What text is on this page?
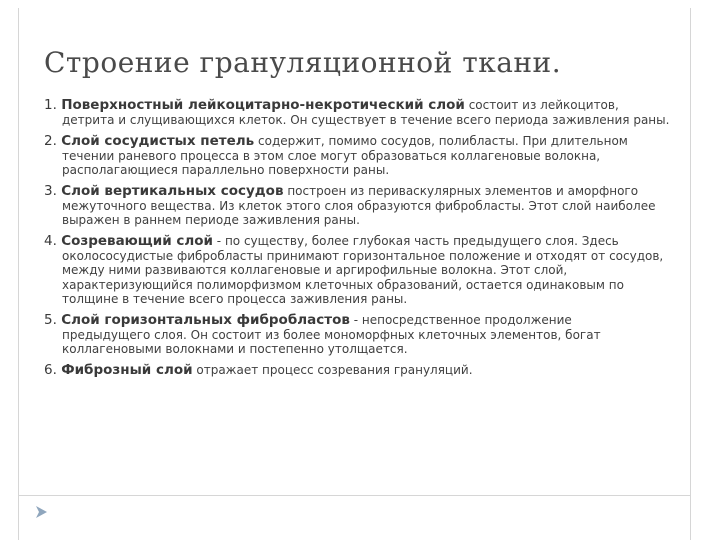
Строение грануляционной ткани.
1. Поверхностный лейкоцитарно-некротический слой состоит из лейкоцитов,
детрита и слущивающихся клеток. Он существует в течение всего периода заживления раны.
2. Слой сосудистых петель содержит, помимо сосудов, полибласты. При длительном
течении раневого процесса в этом слое могут образоваться коллагеновые волокна, располагающиеся параллельно поверхности раны.
3. Слой вертикальных сосудов построен из периваскулярных элементов и аморфного
межуточного вещества. Из клеток этого слоя образуются фибробласты. Этот слой наиболее выражен в раннем периоде заживления раны.
4. Созревающий слой - по существу, более глубокая часть предыдущего слоя. Здесь
околососудистые фибробласты принимают горизонтальное положение и отходят от сосудов, между ними развиваются коллагеновые и аргирофильные волокна. Этот слой, характеризующийся полиморфизмом клеточных образований, остается одинаковым по толщине в течение всего процесса заживления раны.
5. Слой горизонтальных фибробластов - непосредственное продолжение
предыдущего слоя. Он состоит из более мономорфных клеточных элементов, богат коллагеновыми волокнами и постепенно утолщается.
6. Фиброзный слой отражает процесс созревания грануляций.
